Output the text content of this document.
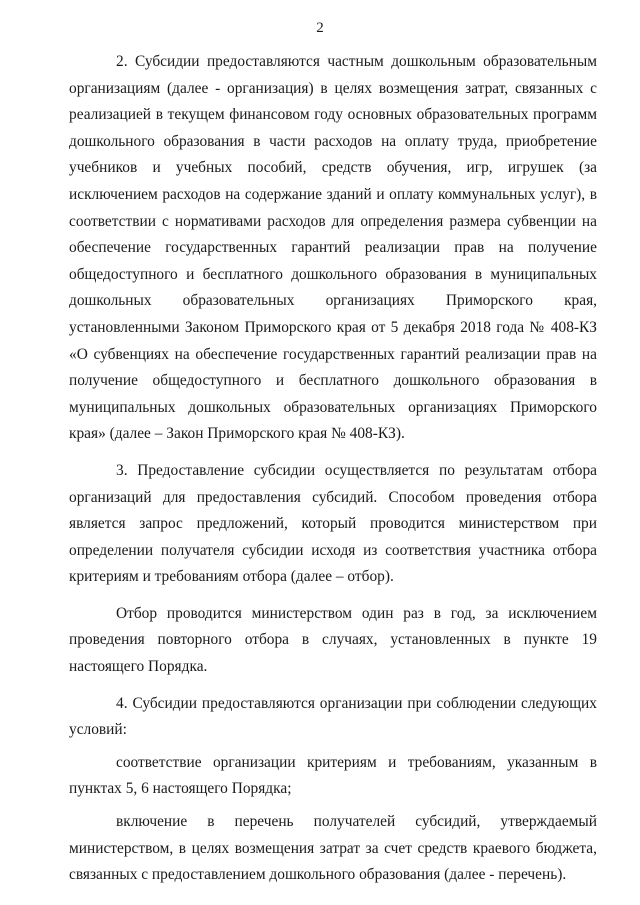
2

2. Субсидии предоставляются частным дошкольным образовательным организациям (далее - организация) в целях возмещения затрат, связанных с реализацией в текущем финансовом году основных образовательных программ дошкольного образования в части расходов на оплату труда, приобретение учебников и учебных пособий, средств обучения, игр, игрушек (за исключением расходов на содержание зданий и оплату коммунальных услуг), в соответствии с нормативами расходов для определения размера субвенции на обеспечение государственных гарантий реализации прав на получение общедоступного и бесплатного дошкольного образования в муниципальных дошкольных образовательных организациях Приморского края, установленными Законом Приморского края от 5 декабря 2018 года № 408-КЗ «О субвенциях на обеспечение государственных гарантий реализации прав на получение общедоступного и бесплатного дошкольного образования в муниципальных дошкольных образовательных организациях Приморского края» (далее – Закон Приморского края № 408-КЗ).

3. Предоставление субсидии осуществляется по результатам отбора организаций для предоставления субсидий. Способом проведения отбора является запрос предложений, который проводится министерством при определении получателя субсидии исходя из соответствия участника отбора критериям и требованиям отбора (далее – отбор).

Отбор проводится министерством один раз в год, за исключением проведения повторного отбора в случаях, установленных в пункте 19 настоящего Порядка.

4. Субсидии предоставляются организации при соблюдении следующих условий:

соответствие организации критериям и требованиям, указанным в пунктах 5, 6 настоящего Порядка;

включение в перечень получателей субсидий, утверждаемый министерством, в целях возмещения затрат за счет средств краевого бюджета, связанных с предоставлением дошкольного образования (далее - перечень).
